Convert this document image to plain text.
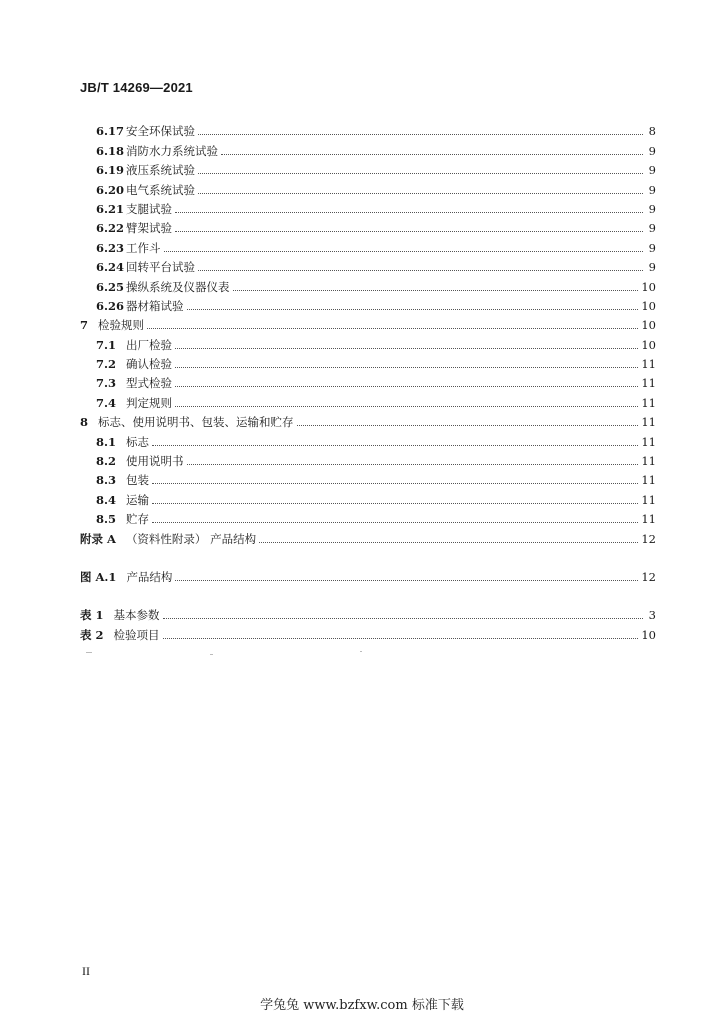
JB/T 14269—2021
6.17 安全环保试验	8
6.18 消防水力系统试验	9
6.19 液压系统试验	9
6.20 电气系统试验	9
6.21 支腿试验	9
6.22 臂架试验	9
6.23 工作斗	9
6.24 回转平台试验	9
6.25 操纵系统及仪器仪表	10
6.26 器材箱试验	10
7 检验规则	10
7.1 出厂检验	10
7.2 确认检验	11
7.3 型式检验	11
7.4 判定规则	11
8 标志、使用说明书、包装、运输和贮存	11
8.1 标志	11
8.2 使用说明书	11
8.3 包装	11
8.4 运输	11
8.5 贮存	11
附录 A （资料性附录） 产品结构	12
图 A.1 产品结构	12
表 1 基本参数	3
表 2 检验项目	10
II
学兔兔 www.bzfxw.com 标准下载
